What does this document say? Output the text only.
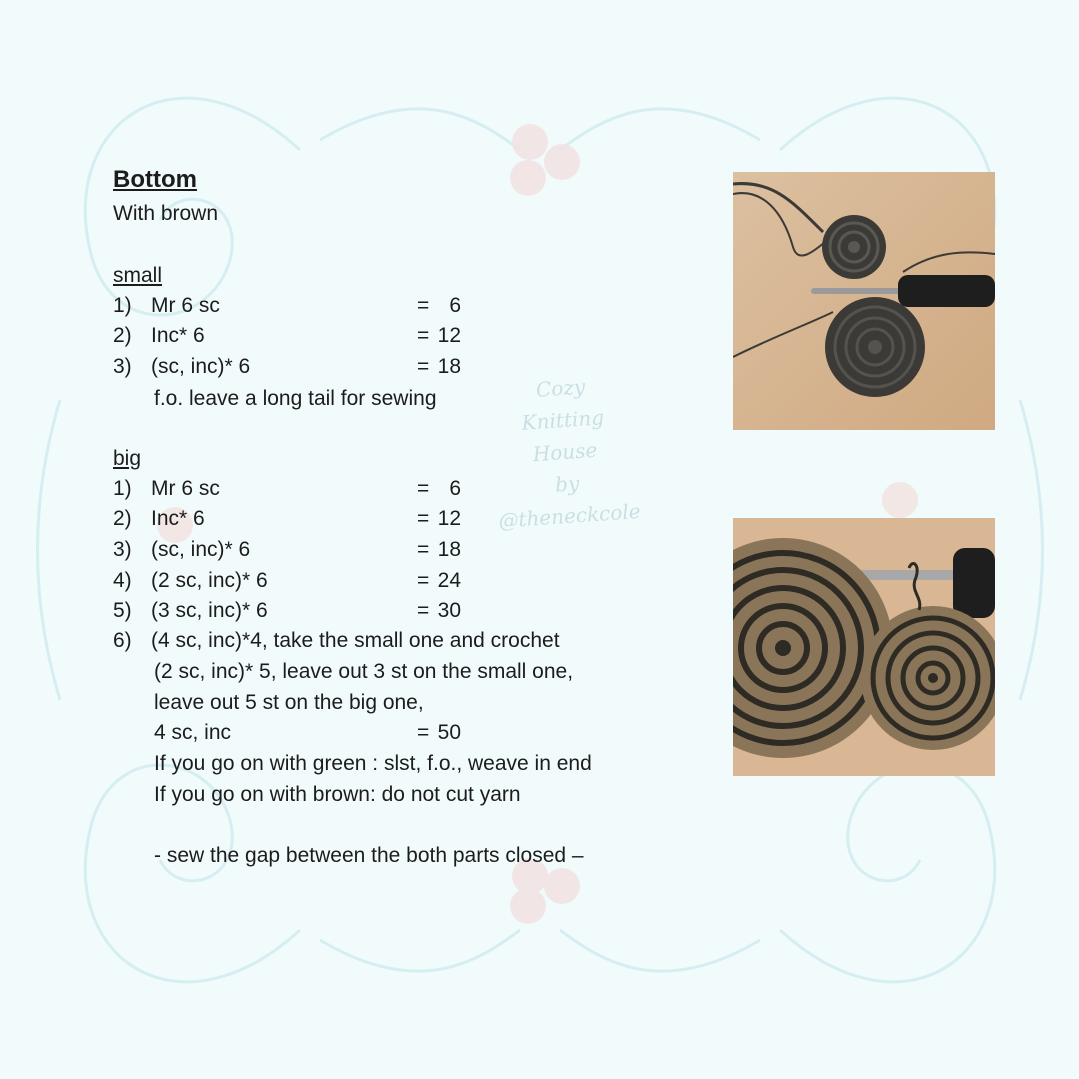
Cozy
Knitting
House
by
@theneckcole
Bottom
With brown
small
1) Mr 6 sc	= 6
2) Inc* 6	= 12
3) (sc, inc)* 6	= 18
f.o. leave a long tail for sewing
big
1) Mr 6 sc	= 6
2) Inc* 6	= 12
3) (sc, inc)* 6	= 18
4) (2 sc, inc)* 6	= 24
5) (3 sc, inc)* 6	= 30
6) (4 sc, inc)*4, take the small one and crochet
(2 sc, inc)* 5, leave out 3 st on the small one,
leave out 5 st on the big one,
4 sc, inc	= 50
If you go on with green : slst, f.o., weave in end
If you go on with brown: do not cut yarn
- sew the gap between the both parts closed –
